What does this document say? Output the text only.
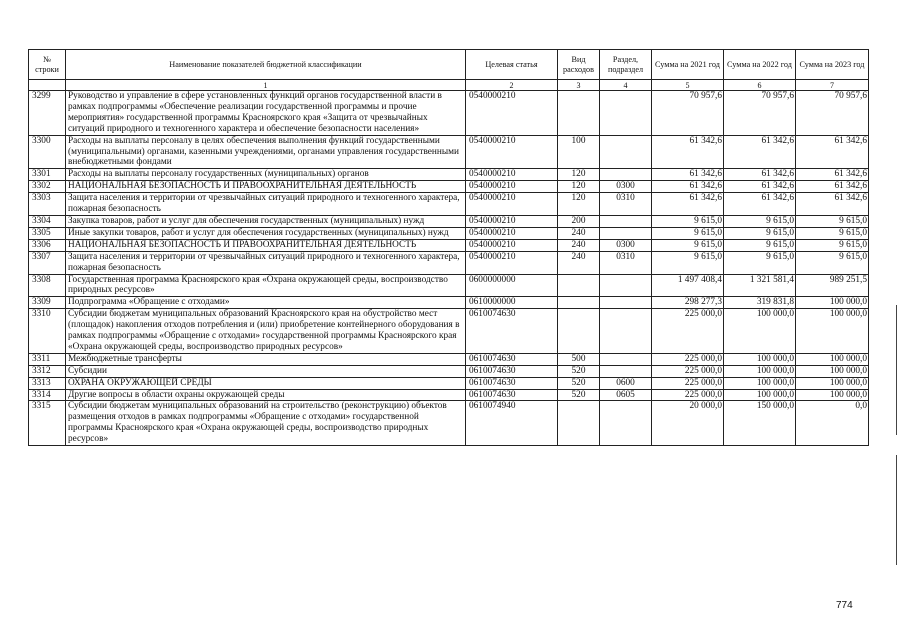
№ строки	Наименование показателей бюджетной классификации	Целевая статья	Вид расходов	Раздел, подраздел	Сумма на 2021 год	Сумма на 2022 год	Сумма на 2023 год
	1	2	3	4	5	6	7
3299	Руководство и управление в сфере установленных функций органов государственной власти в рамках подпрограммы «Обеспечение реализации государственной программы и прочие мероприятия» государственной программы Красноярского края «Защита от чрезвычайных ситуаций природного и техногенного характера и обеспечение безопасности населения»	0540000210			70 957,6	70 957,6	70 957,6
3300	Расходы на выплаты персоналу в целях обеспечения выполнения функций государственными (муниципальными) органами, казенными учреждениями, органами управления государственными внебюджетными фондами	0540000210	100		61 342,6	61 342,6	61 342,6
3301	Расходы на выплаты персоналу государственных (муниципальных) органов	0540000210	120		61 342,6	61 342,6	61 342,6
3302	НАЦИОНАЛЬНАЯ БЕЗОПАСНОСТЬ И ПРАВООХРАНИТЕЛЬНАЯ ДЕЯТЕЛЬНОСТЬ	0540000210	120	0300	61 342,6	61 342,6	61 342,6
3303	Защита населения и территории от чрезвычайных ситуаций природного и техногенного характера, пожарная безопасность	0540000210	120	0310	61 342,6	61 342,6	61 342,6
3304	Закупка товаров, работ и услуг для обеспечения государственных (муниципальных) нужд	0540000210	200		9 615,0	9 615,0	9 615,0
3305	Иные закупки товаров, работ и услуг для обеспечения государственных (муниципальных) нужд	0540000210	240		9 615,0	9 615,0	9 615,0
3306	НАЦИОНАЛЬНАЯ БЕЗОПАСНОСТЬ И ПРАВООХРАНИТЕЛЬНАЯ ДЕЯТЕЛЬНОСТЬ	0540000210	240	0300	9 615,0	9 615,0	9 615,0
3307	Защита населения и территории от чрезвычайных ситуаций природного и техногенного характера, пожарная безопасность	0540000210	240	0310	9 615,0	9 615,0	9 615,0
3308	Государственная программа Красноярского края «Охрана окружающей среды, воспроизводство природных ресурсов»	0600000000			1 497 408,4	1 321 581,4	989 251,5
3309	Подпрограмма «Обращение с отходами»	0610000000			298 277,3	319 831,8	100 000,0
3310	Субсидии бюджетам муниципальных образований Красноярского края на обустройство мест (площадок) накопления отходов потребления и (или) приобретение контейнерного оборудования в рамках подпрограммы «Обращение с отходами» государственной программы Красноярского края «Охрана окружающей среды, воспроизводство природных ресурсов»	0610074630			225 000,0	100 000,0	100 000,0
3311	Межбюджетные трансферты	0610074630	500		225 000,0	100 000,0	100 000,0
3312	Субсидии	0610074630	520		225 000,0	100 000,0	100 000,0
3313	ОХРАНА ОКРУЖАЮЩЕЙ СРЕДЫ	0610074630	520	0600	225 000,0	100 000,0	100 000,0
3314	Другие вопросы в области охраны окружающей среды	0610074630	520	0605	225 000,0	100 000,0	100 000,0
3315	Субсидии бюджетам муниципальных образований на строительство (реконструкцию) объектов размещения отходов в рамках подпрограммы «Обращение с отходами» государственной программы Красноярского края «Охрана окружающей среды, воспроизводство природных ресурсов»	0610074940			20 000,0	150 000,0	0,0
774
